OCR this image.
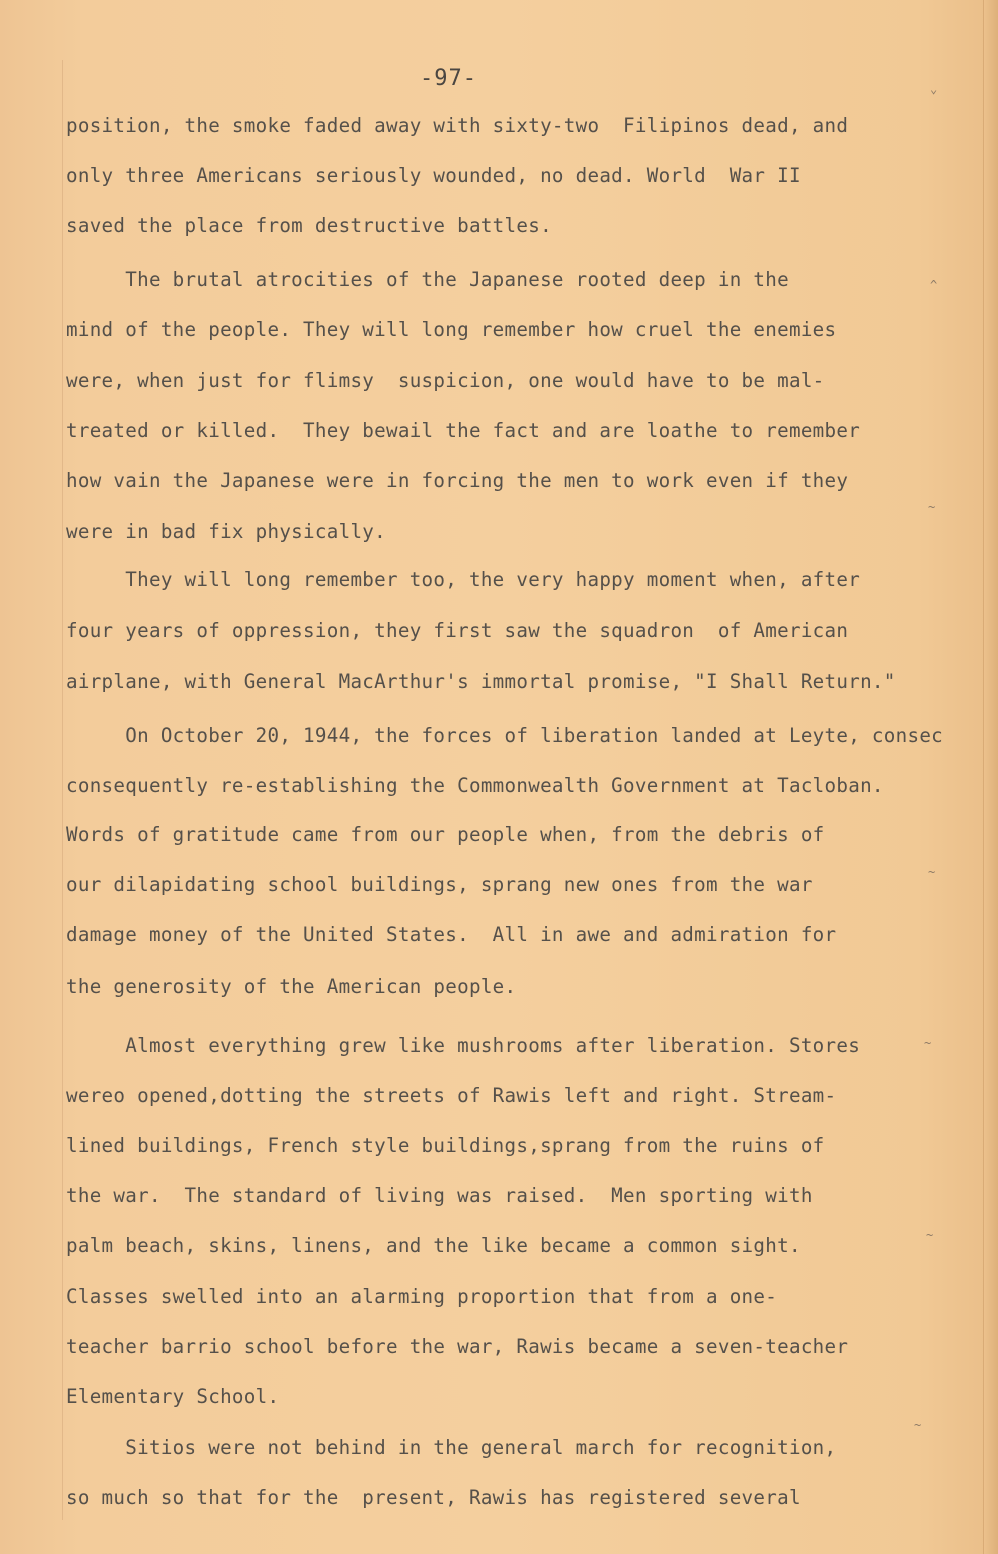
-97-
position, the smoke faded away with sixty-two  Filipinos dead, and
only three Americans seriously wounded, no dead. World  War II
saved the place from destructive battles.
The brutal atrocities of the Japanese rooted deep in the
mind of the people. They will long remember how cruel the enemies
were, when just for flimsy  suspicion, one would have to be mal-
treated or killed.  They bewail the fact and are loathe to remember
how vain the Japanese were in forcing the men to work even if they
were in bad fix physically.
They will long remember too, the very happy moment when, after
four years of oppression, they first saw the squadron  of American
airplane, with General MacArthur's immortal promise, "I Shall Return."
On October 20, 1944, the forces of liberation landed at Leyte, consec
consequently re-establishing the Commonwealth Government at Tacloban.
Words of gratitude came from our people when, from the debris of
our dilapidating school buildings, sprang new ones from the war
damage money of the United States.  All in awe and admiration for
the generosity of the American people.
Almost everything grew like mushrooms after liberation. Stores
wereo opened,dotting the streets of Rawis left and right. Stream-
lined buildings, French style buildings,sprang from the ruins of
the war.  The standard of living was raised.  Men sporting with
palm beach, skins, linens, and the like became a common sight.
Classes swelled into an alarming proportion that from a one-
teacher barrio school before the war, Rawis became a seven-teacher
Elementary School.
Sitios were not behind in the general march for recognition,
so much so that for the  present, Rawis has registered several
⌄
^
~
~
~
~
~
